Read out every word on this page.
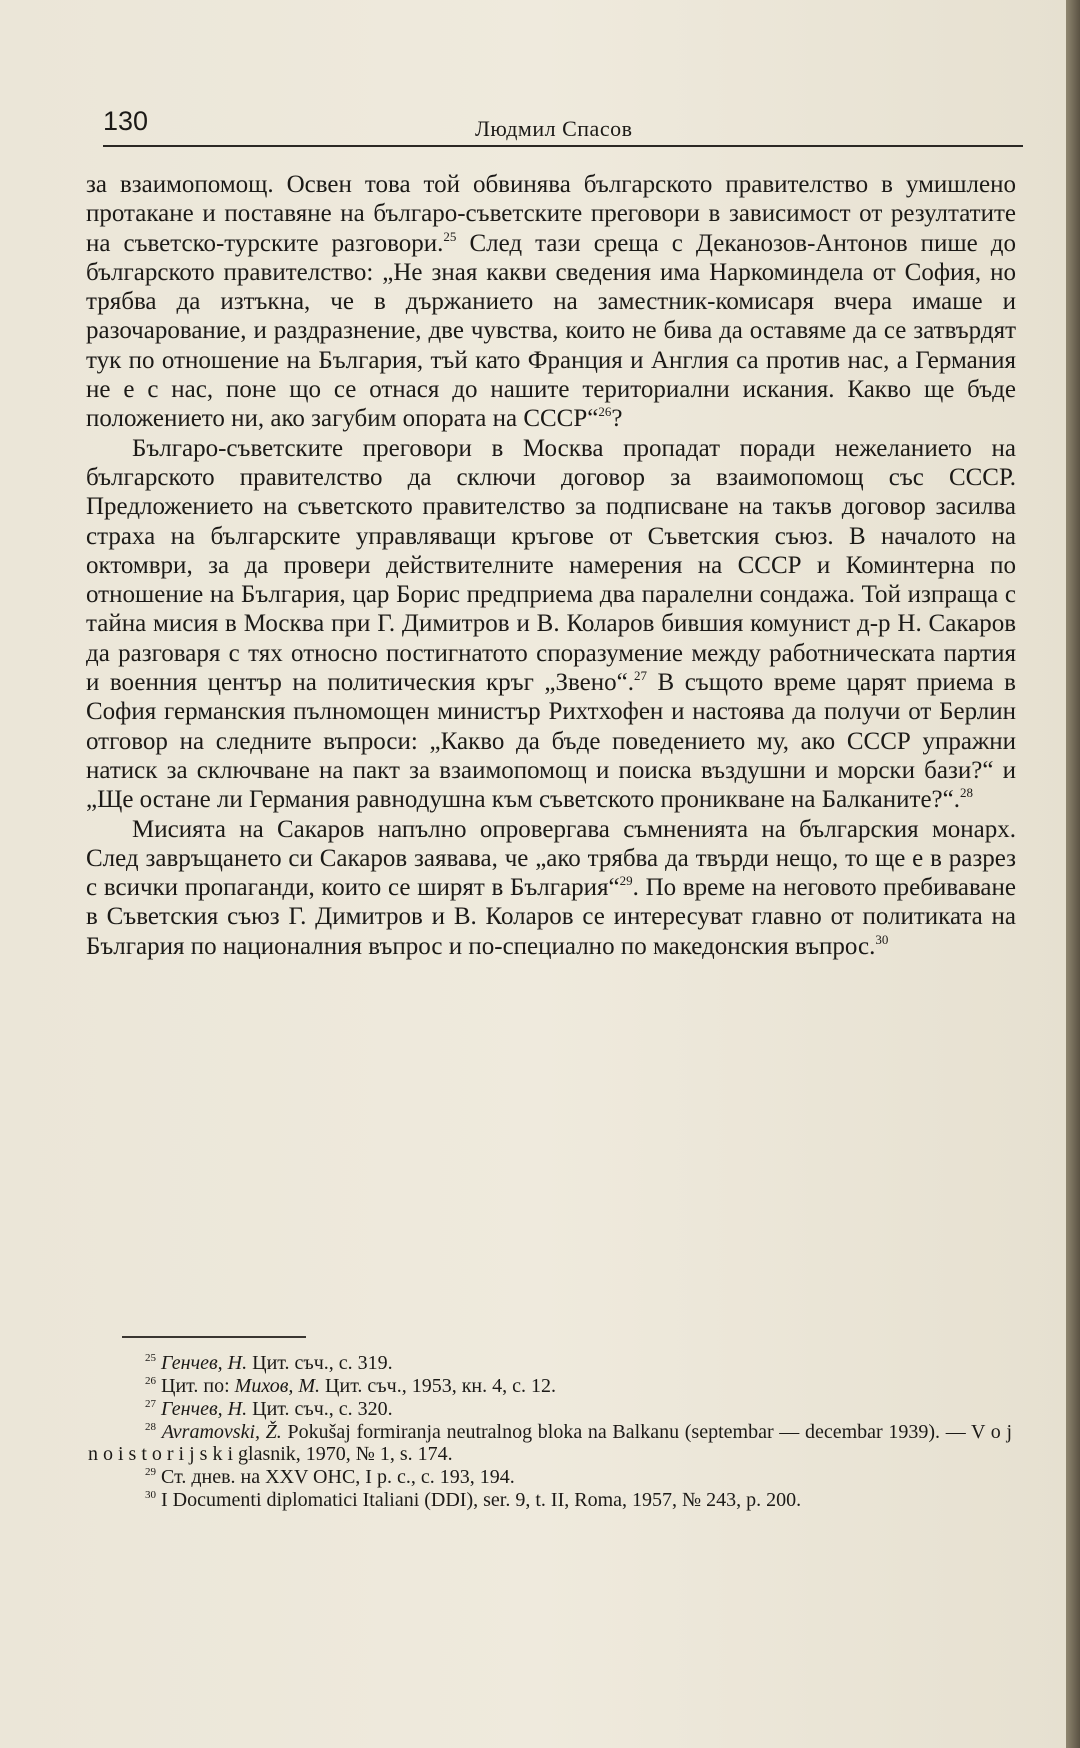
130	Людмил Спасов

за взаимопомощ. Освен това той обвинява българското правителство в умишлено протакане и поставяне на българо-съветските преговори в зависимост от резултатите на съветско-турските разговори.$^{25}$ След тази среща с Деканозов-Антонов пише до българското правителство: „Не зная какви сведения има Наркоминдела от София, но трябва да изтъкна, че в държанието на заместник-комисаря вчера имаше и разочарование, и раздразнение, две чувства, които не бива да оставяме да се затвърдят тук по отношение на България, тъй като Франция и Англия са против нас, а Германия не е с нас, поне що се отнася до нашите териториални искания. Какво ще бъде положението ни, ако загубим опората на СССР“$^{26}$?

Българо-съветските преговори в Москва пропадат поради нежеланието на българското правителство да сключи договор за взаимопомощ със СССР. Предложението на съветското правителство за подписване на такъв договор засилва страха на българските управляващи кръгове от Съветския съюз. В началото на октомври, за да провери действителните намерения на СССР и Коминтерна по отношение на България, цар Борис предприема два паралелни сондажа. Той изпраща с тайна мисия в Москва при Г. Димитров и В. Коларов бившия комунист д-р Н. Сакаров да разговаря с тях относно постигнатото споразумение между работническата партия и военния център на политическия кръг „Звено“.$^{27}$ В същото време царят приема в София германския пълномощен министър Рихтхофен и настоява да получи от Берлин отговор на следните въпроси: „Какво да бъде поведението му, ако СССР упражни натиск за сключване на пакт за взаимопомощ и поиска въздушни и морски бази?“ и „Ще остане ли Германия равнодушна към съветското проникване на Балканите?“.$^{28}$

Мисията на Сакаров напълно опровергава съмненията на българския монарх. След завръщането си Сакаров заявава, че „ако трябва да твърди нещо, то ще е в разрез с всички пропаганди, които се ширят в България“$^{29}$. По време на неговото пребиваване в Съветския съюз Г. Димитров и В. Коларов се интересуват главно от политиката на България по националния въпрос и по-специално по македонския въпрос.$^{30}$

$^{25}$ Генчев, Н. Цит. съч., с. 319.

$^{26}$ Цит. по: Михов, М. Цит. съч., 1953, кн. 4, с. 12.

$^{27}$ Генчев, Н. Цит. съч., с. 320.

$^{28}$ Avramovski, Ž. Pokušaj formiranja neutralnog bloka na Balkanu (septembar — decembar 1939). — V o j n o i s t o r i j s k i glasnik, 1970, № 1, s. 174.

$^{29}$ Ст. днев. на XXV ОНС, I р. с., с. 193, 194.

$^{30}$ I Documenti diplomatici Italiani (DDI), ser. 9, t. II, Roma, 1957, № 243, p. 200.
